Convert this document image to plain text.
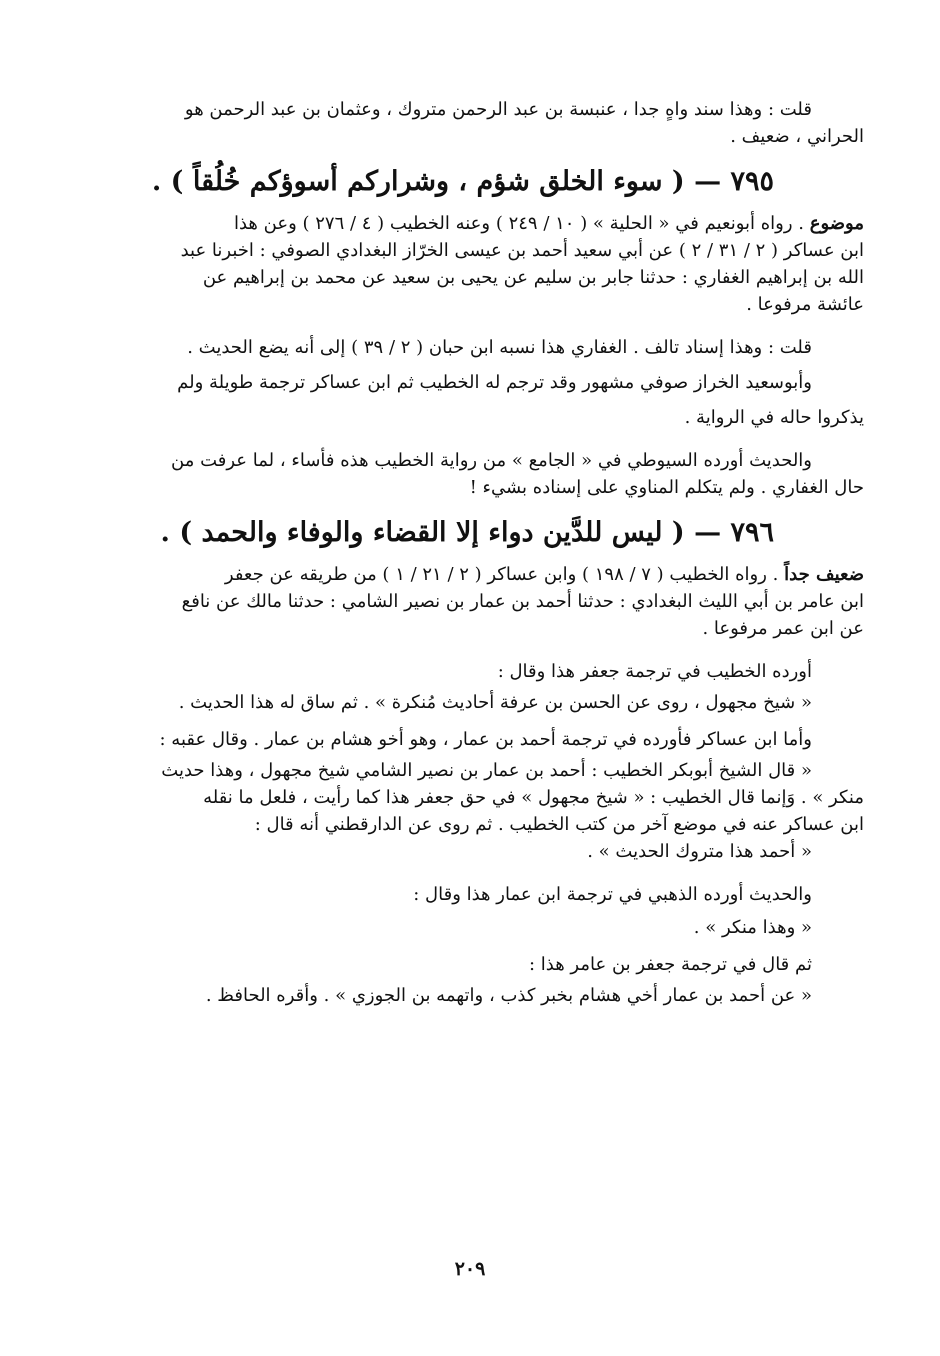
قلت : وهذا سند واهٍ جدا ، عنبسة بن عبد الرحمن متروك ، وعثمان بن عبد الرحمن هو

الحراني ، ضعيف .

٧٩٥ — ( سوء الخلق شؤم ، وشراركم أسوؤكم خُلُقاً ) .

موضوع . رواه أبونعيم في « الحلية » ( ١٠ / ٢٤٩ ) وعنه الخطيب ( ٤ / ٢٧٦ ) وعن هذا

ابن عساكر ( ٢ / ٣١ / ٢ ) عن أبي سعيد أحمد بن عيسى الخرّاز البغدادي الصوفي : اخبرنا عبد

الله بن إبراهيم الغفاري : حدثنا جابر بن سليم عن يحيى بن سعيد عن محمد بن إبراهيم عن

عائشة مرفوعا .

قلت : وهذا إسناد تالف . الغفاري هذا نسبه ابن حبان ( ٢ / ٣٩ ) إلى أنه يضع الحديث .

وأبوسعيد الخراز صوفي مشهور وقد ترجم له الخطيب ثم ابن عساكر ترجمة طويلة ولم

يذكروا حاله في الرواية .

والحديث أورده السيوطي في « الجامع » من رواية الخطيب هذه فأساء ، لما عرفت من

حال الغفاري . ولم يتكلم المناوي على إسناده بشيء !

٧٩٦ — ( ليس للدَّين دواء إلا القضاء والوفاء والحمد ) .

ضعيف جداً . رواه الخطيب ( ٧ / ١٩٨ ) وابن عساكر ( ٢ / ٢١ / ١ ) من طريقه عن جعفر

ابن عامر بن أبي الليث البغدادي : حدثنا أحمد بن عمار بن نصير الشامي : حدثنا مالك عن نافع

عن ابن عمر مرفوعا .

أورده الخطيب في ترجمة جعفر هذا وقال :

« شيخ مجهول ، روى عن الحسن بن عرفة أحاديث مُنكرة » . ثم ساق له هذا الحديث .

وأما ابن عساكر فأورده في ترجمة أحمد بن عمار ، وهو أخو هشام بن عمار . وقال عقبه :

« قال الشيخ أبوبكر الخطيب : أحمد بن عمار بن نصير الشامي شيخ مجهول ، وهذا حديث

منكر » . وَإنما قال الخطيب : « شيخ مجهول » في حق جعفر هذا كما رأيت ، فلعل ما نقله

ابن عساكر عنه في موضع آخر من كتب الخطيب . ثم روى عن الدارقطني أنه قال :

« أحمد هذا متروك الحديث » .

والحديث أورده الذهبي في ترجمة ابن عمار هذا وقال :

« وهذا منكر » .

ثم قال في ترجمة جعفر بن عامر هذا :

« عن أحمد بن عمار أخي هشام بخبر كذب ، واتهمه بن الجوزي » . وأقره الحافظ .

٢٠٩
